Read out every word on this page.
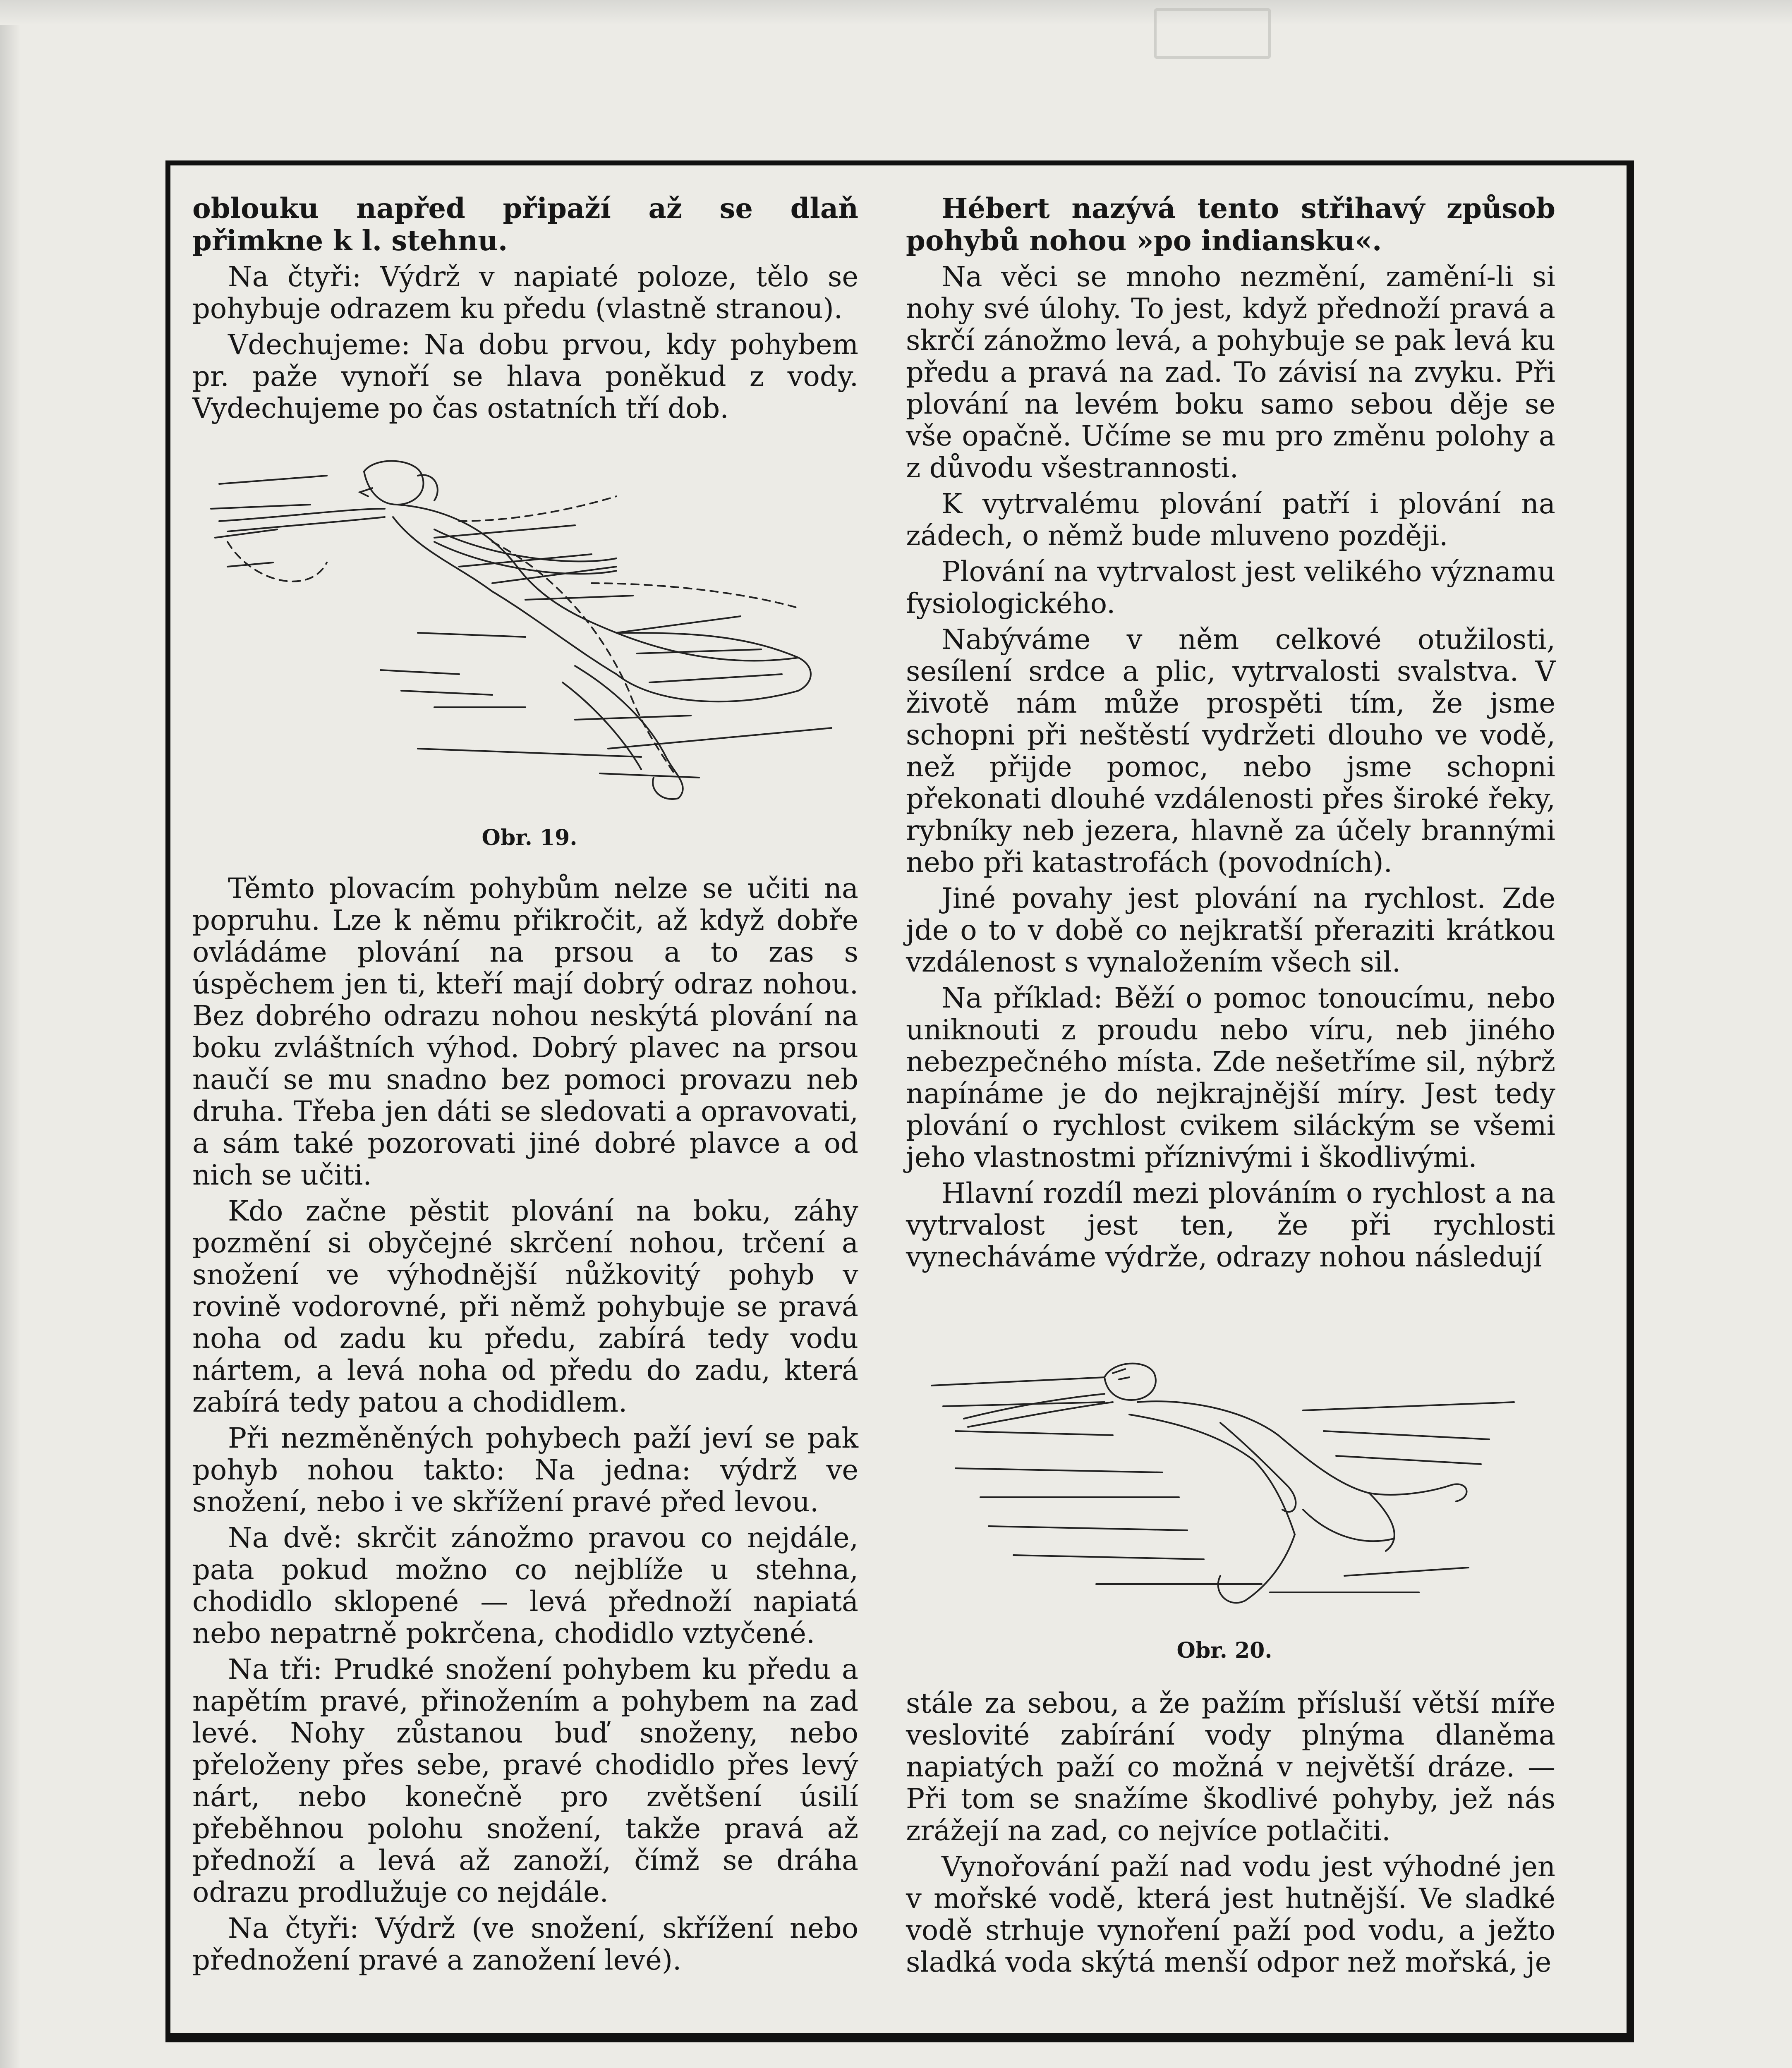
oblouku napřed připaží až se dlaň přimkne k l. stehnu.

Na čtyři: Výdrž v napiaté poloze, tělo se pohybuje odrazem ku předu (vlastně stranou).

Vdechujeme: Na dobu prvou, kdy pohybem pr. paže vynoří se hlava poněkud z vody. Vydechujeme po čas ostatních tří dob.

Obr. 19.

Těmto plovacím pohybům nelze se učiti na popruhu. Lze k němu přikročit, až když dobře ovládáme plování na prsou a to zas s úspěchem jen ti, kteří mají dobrý odraz nohou. Bez dobrého odrazu nohou neskýtá plování na boku zvláštních výhod. Dobrý plavec na prsou naučí se mu snadno bez pomoci provazu neb druha. Třeba jen dáti se sledovati a opravovati, a sám také pozorovati jiné dobré plavce a od nich se učiti.

Kdo začne pěstit plování na boku, záhy pozmění si obyčejné skrčení nohou, trčení a snožení ve výhodnější nůžkovitý pohyb v rovině vodorovné, při němž pohybuje se pravá noha od zadu ku předu, zabírá tedy vodu nártem, a levá noha od předu do zadu, která zabírá tedy patou a chodidlem.

Při nezměněných pohybech paží jeví se pak pohyb nohou takto: Na jedna: výdrž ve snožení, nebo i ve skřížení pravé před levou.

Na dvě: skrčit zánožmo pravou co nejdále, pata pokud možno co nejblíže u stehna, chodidlo sklopené — levá přednoží napiatá nebo nepatrně pokrčena, chodidlo vztyčené.

Na tři: Prudké snožení pohybem ku předu a napětím pravé, přinožením a pohybem na zad levé. Nohy zůstanou buď snoženy, nebo přeloženy přes sebe, pravé chodidlo přes levý nárt, nebo konečně pro zvětšení úsilí přeběhnou polohu snožení, takže pravá až přednoží a levá až zanoží, čímž se dráha odrazu prodlužuje co nejdále.

Na čtyři: Výdrž (ve snožení, skřížení nebo přednožení pravé a zanožení levé).

Hébert nazývá tento střihavý způsob pohybů nohou »po indiansku«.

Na věci se mnoho nezmění, zamění-li si nohy své úlohy. To jest, když přednoží pravá a skrčí zánožmo levá, a pohybuje se pak levá ku předu a pravá na zad. To závisí na zvyku. Při plování na levém boku samo sebou děje se vše opačně. Učíme se mu pro změnu polohy a z důvodu všestrannosti.

K vytrvalému plování patří i plování na zádech, o němž bude mluveno později.

Plování na vytrvalost jest velikého významu fysiologického.

Nabýváme v něm celkové otužilosti, sesílení srdce a plic, vytrvalosti svalstva. V životě nám může prospěti tím, že jsme schopni při neštěstí vydržeti dlouho ve vodě, než přijde pomoc, nebo jsme schopni překonati dlouhé vzdálenosti přes široké řeky, rybníky neb jezera, hlavně za účely brannými nebo při katastrofách (povodních).

Jiné povahy jest plování na rychlost. Zde jde o to v době co nejkratší přeraziti krátkou vzdálenost s vynaložením všech sil.

Na příklad: Běží o pomoc tonoucímu, nebo uniknouti z proudu nebo víru, neb jiného nebezpečného místa. Zde nešetříme sil, nýbrž napínáme je do nejkrajnější míry. Jest tedy plování o rychlost cvikem siláckým se všemi jeho vlastnostmi příznivými i škodlivými.

Hlavní rozdíl mezi plováním o rychlost a na vytrvalost jest ten, že při rychlosti vynecháváme výdrže, odrazy nohou následují

Obr. 20.

stále za sebou, a že pažím přísluší větší míře veslovité zabírání vody plnýma dlaněma napiatých paží co možná v největší dráze. — Při tom se snažíme škodlivé pohyby, jež nás zrážejí na zad, co nejvíce potlačiti.

Vynořování paží nad vodu jest výhodné jen v mořské vodě, která jest hutnější. Ve sladké vodě strhuje vynoření paží pod vodu, a ježto sladká voda skýtá menší odpor než mořská, je
